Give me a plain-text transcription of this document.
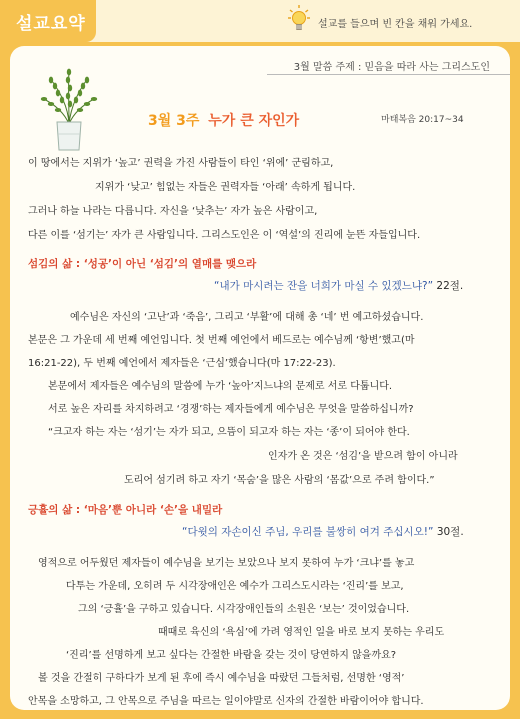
설교요약	설교를 들으며 빈 칸을 채워 가세요.
3월 말씀 주제 : 믿음을 따라 사는 그리스도인
3월 3주 누가 큰 자인가	마태복음 20:17~34
이 땅에서는 지위가 ‘높고’ 권력을 가진 사람들이 타인 ‘위에’ 군림하고,
지위가 ‘낮고’ 힘없는 자들은 권력자들 ‘아래’ 속하게 됩니다.
그러나 하늘 나라는 다릅니다. 자신을 ‘낮추는’ 자가 높은 사람이고,
다른 이를 ‘섬기는’ 자가 큰 사람입니다. 그리스도인은 이 ‘역설’의 진리에 눈뜬 자들입니다.
섬김의 삶 : ‘성공’이 아닌 ‘섬김’의 열매를 맺으라
“내가 마시려는 잔을 너희가 마실 수 있겠느냐?” 22절.
예수님은 자신의 ‘고난’과 ‘죽음’, 그리고 ‘부활’에 대해 총 ‘네’ 번 예고하셨습니다.
본문은 그 가운데 세 번째 예언입니다. 첫 번째 예언에서 베드로는 예수님께 ‘항변’했고(마
16:21-22), 두 번째 예언에서 제자들은 ‘근심’했습니다(마 17:22-23).
본문에서 제자들은 예수님의 말씀에 누가 ‘높아’지느냐의 문제로 서로 다툽니다.
서로 높은 자리를 차지하려고 ‘경쟁’하는 제자들에게 예수님은 무엇을 말씀하십니까?
“크고자 하는 자는 ‘섬기’는 자가 되고, 으뜸이 되고자 하는 자는 ‘종’이 되어야 한다.
인자가 온 것은 ‘섬김’을 받으려 함이 아니라
도리어 섬기려 하고 자기 ‘목숨’을 많은 사람의 ‘몸값’으로 주려 함이다.”
긍휼의 삶 : ‘마음’뿐 아니라 ‘손’을 내밀라
“다윗의 자손이신 주님, 우리를 불쌍히 여겨 주십시오!” 30절.
영적으로 어두웠던 제자들이 예수님을 보기는 보았으나 보지 못하여 누가 ‘크냐’를 놓고
다투는 가운데, 오히려 두 시각장애인은 예수가 그리스도시라는 ‘진리’를 보고,
그의 ‘긍휼’을 구하고 있습니다. 시각장애인들의 소원은 ‘보는’ 것이었습니다.
때때로 육신의 ‘욕심’에 가려 영적인 일을 바로 보지 못하는 우리도
‘진리’를 선명하게 보고 싶다는 간절한 바람을 갖는 것이 당연하지 않을까요?
볼 것을 간절히 구하다가 보게 된 후에 즉시 예수님을 따랐던 그들처럼, 선명한 ‘영적’
안목을 소망하고, 그 안목으로 주님을 따르는 일이야말로 신자의 간절한 바람이어야 합니다.
